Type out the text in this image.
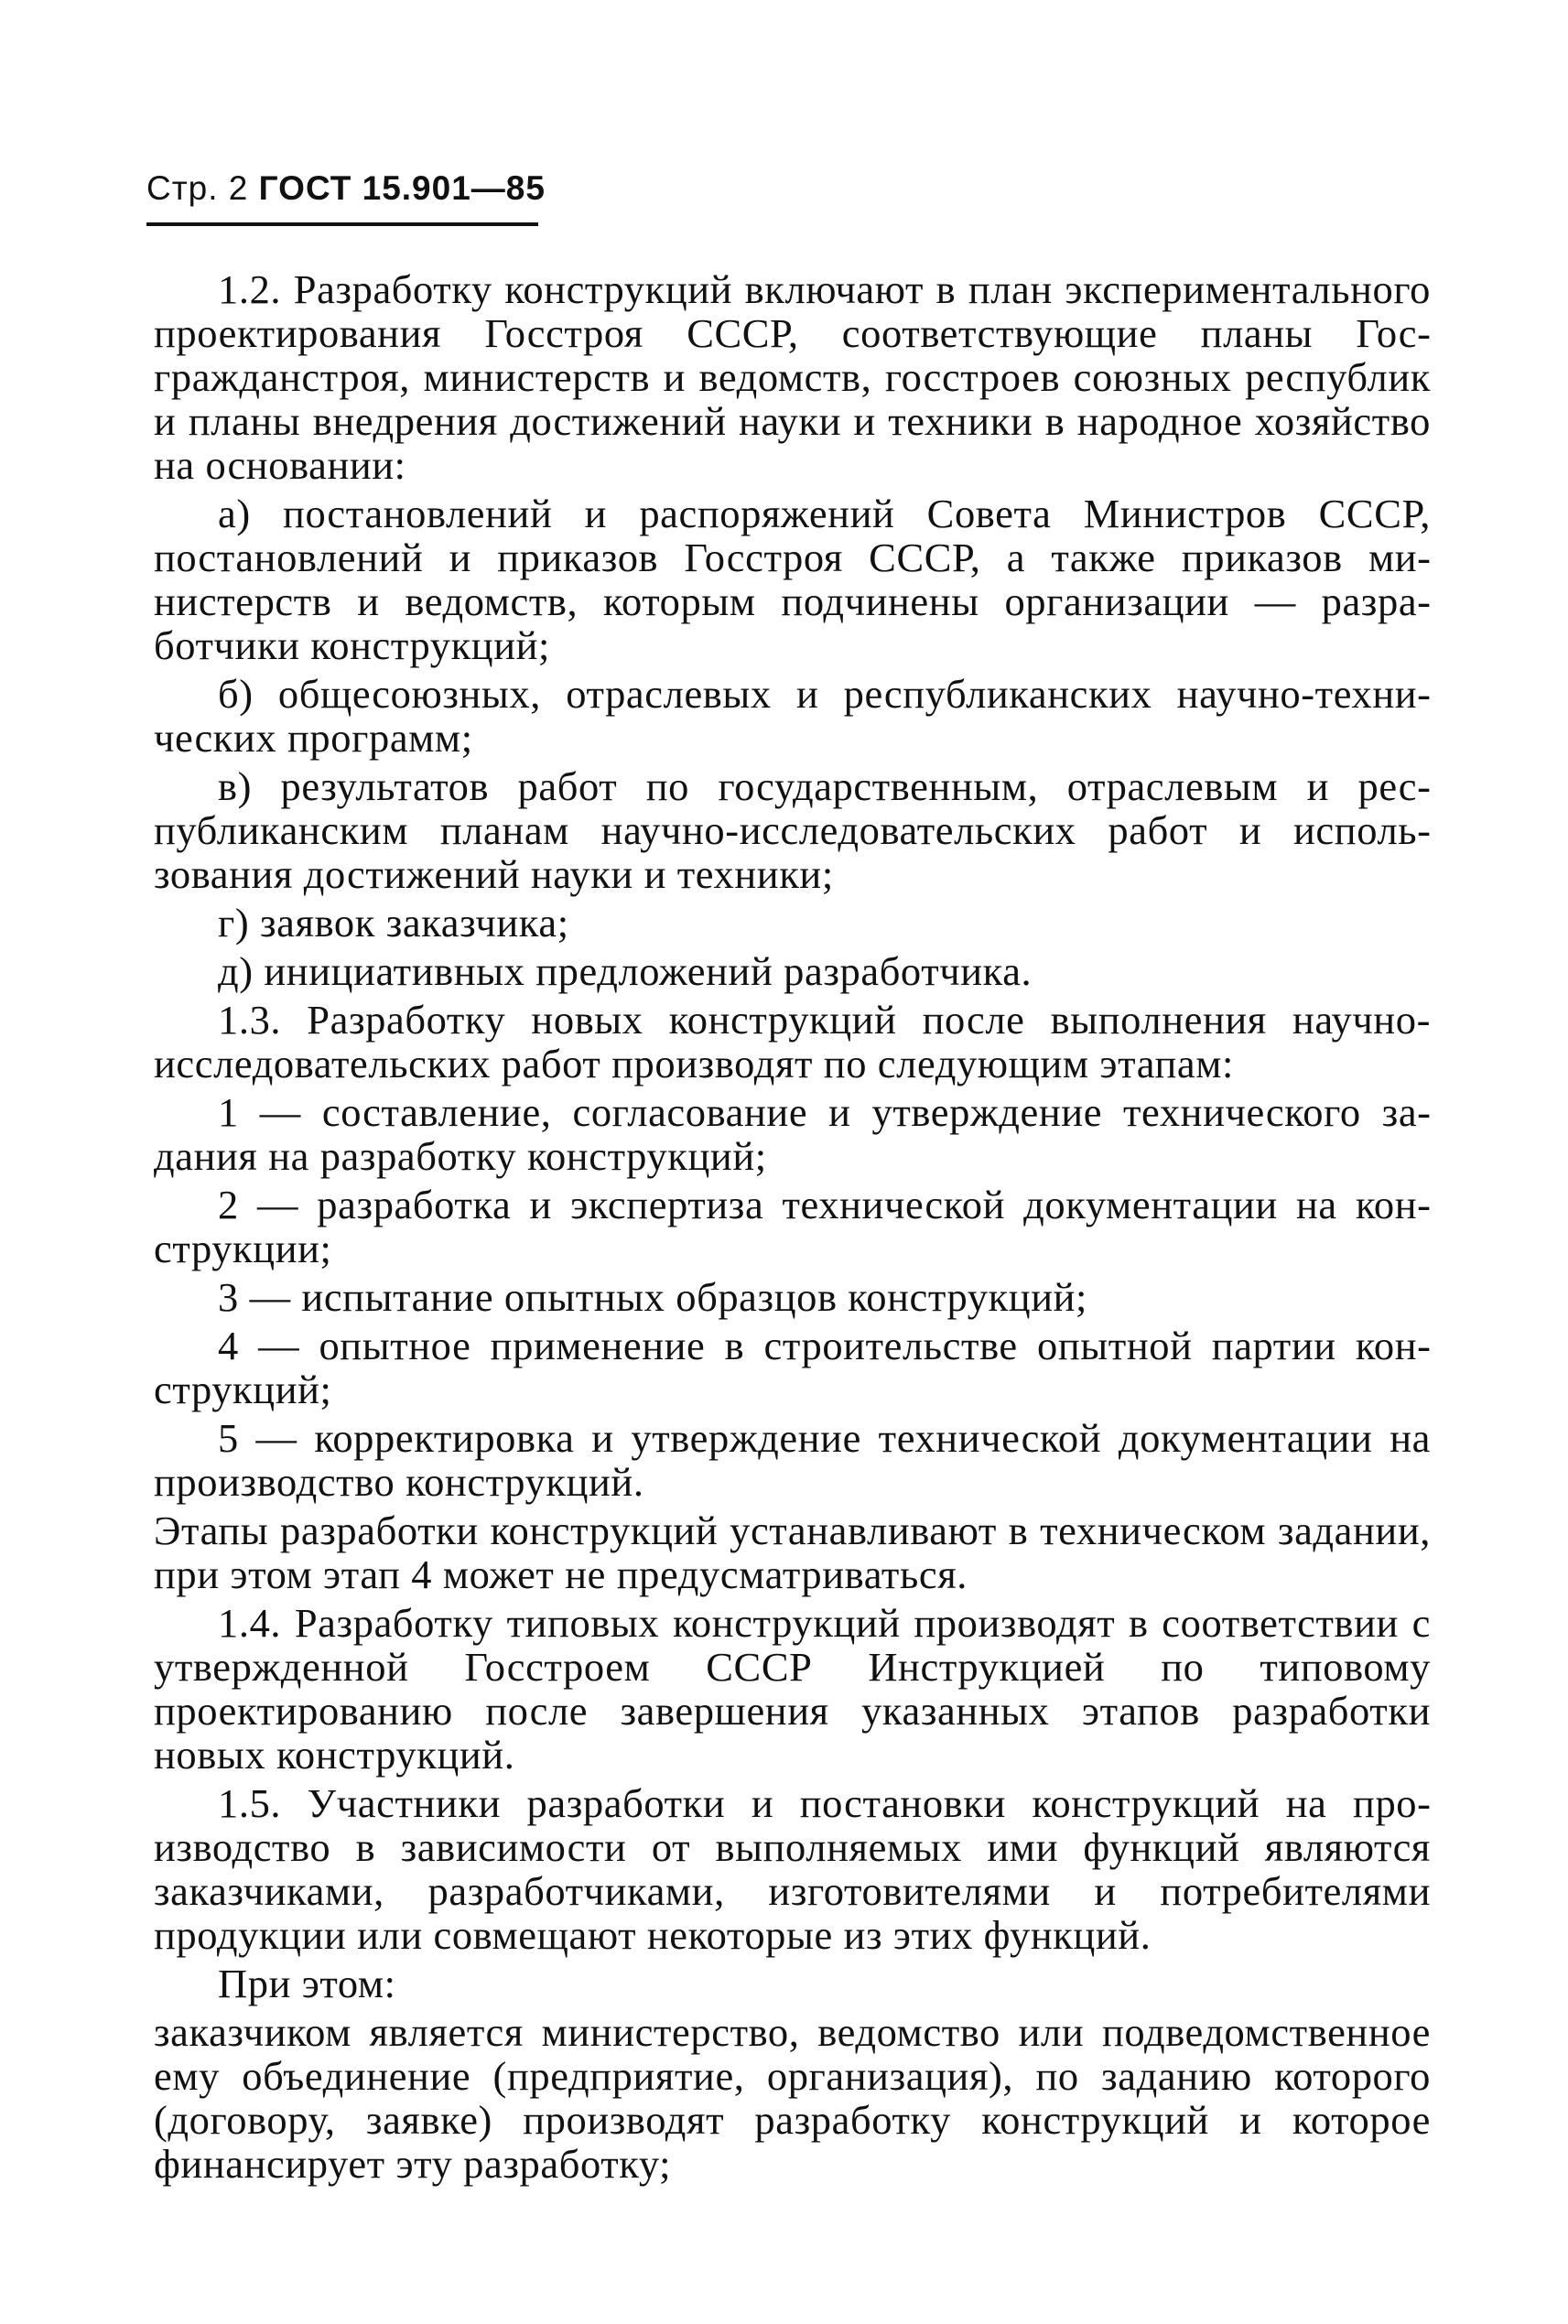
Стр. 2 ГОСТ 15.901—85

1.2. Разработку конструкций включают в план экспериментального проектирования Госстроя СССР, соответствующие планы Госгражданстроя, министерств и ведомств, госстроев союзных республик и планы внедрения достижений науки и техники в народное хозяйство на основании:

а) постановлений и распоряжений Совета Министров СССР, постановлений и приказов Госстроя СССР, а также приказов министерств и ведомств, которым подчинены организации — разработчики конструкций;

б) общесоюзных, отраслевых и республиканских научно-технических программ;

в) результатов работ по государственным, отраслевым и республиканским планам научно-исследовательских работ и использования достижений науки и техники;

г) заявок заказчика;

д) инициативных предложений разработчика.

1.3. Разработку новых конструкций после выполнения научно-исследовательских работ производят по следующим этапам:

1 — составление, согласование и утверждение технического задания на разработку конструкций;

2 — разработка и экспертиза технической документации на конструкции;

3 — испытание опытных образцов конструкций;

4 — опытное применение в строительстве опытной партии конструкций;

5 — корректировка и утверждение технической документации на производство конструкций.

Этапы разработки конструкций устанавливают в техническом задании, при этом этап 4 может не предусматриваться.

1.4. Разработку типовых конструкций производят в соответствии с утвержденной Госстроем СССР Инструкцией по типовому проектированию после завершения указанных этапов разработки новых конструкций.

1.5. Участники разработки и постановки конструкций на производство в зависимости от выполняемых ими функций являются заказчиками, разработчиками, изготовителями и потребителями продукции или совмещают некоторые из этих функций.

При этом:

заказчиком является министерство, ведомство или подведомственное ему объединение (предприятие, организация), по заданию которого (договору, заявке) производят разработку конструкций и которое финансирует эту разработку;
